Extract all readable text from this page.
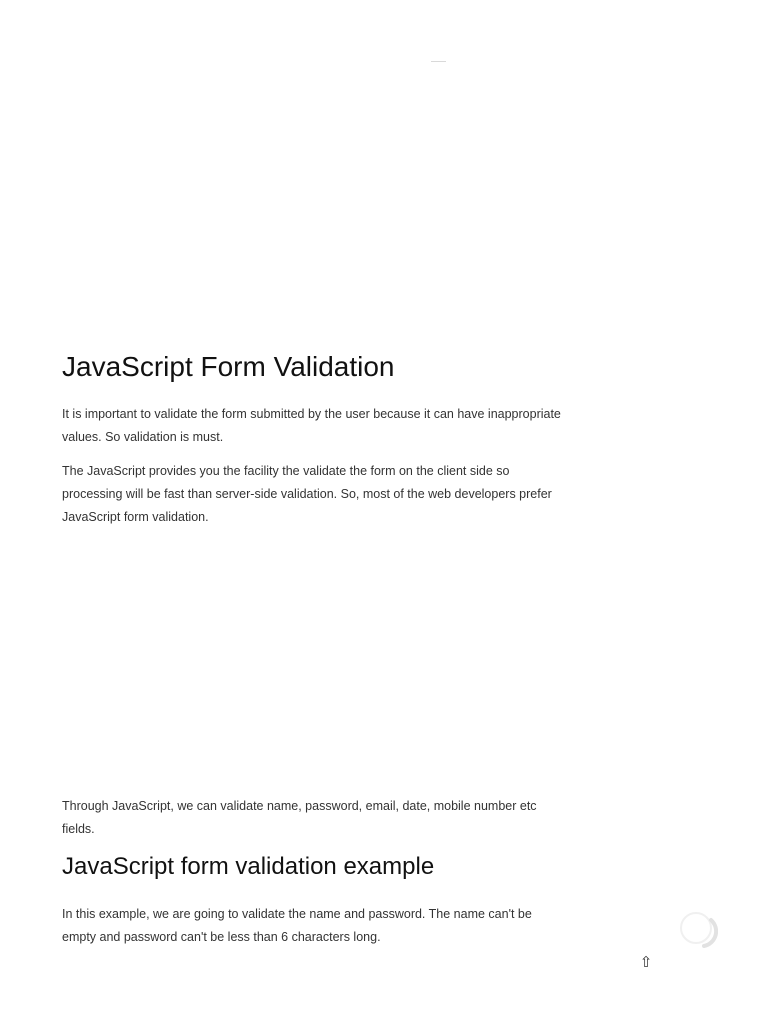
JavaScript Form Validation

It is important to validate the form submitted by the user because it can have inappropriate values. So validation is must.

The JavaScript provides you the facility the validate the form on the client side so processing will be fast than server-side validation. So, most of the web developers prefer JavaScript form validation.

Through JavaScript, we can validate name, password, email, date, mobile number etc fields.

JavaScript form validation example

In this example, we are going to validate the name and password. The name can't be empty and password can't be less than 6 characters long.

⇧
